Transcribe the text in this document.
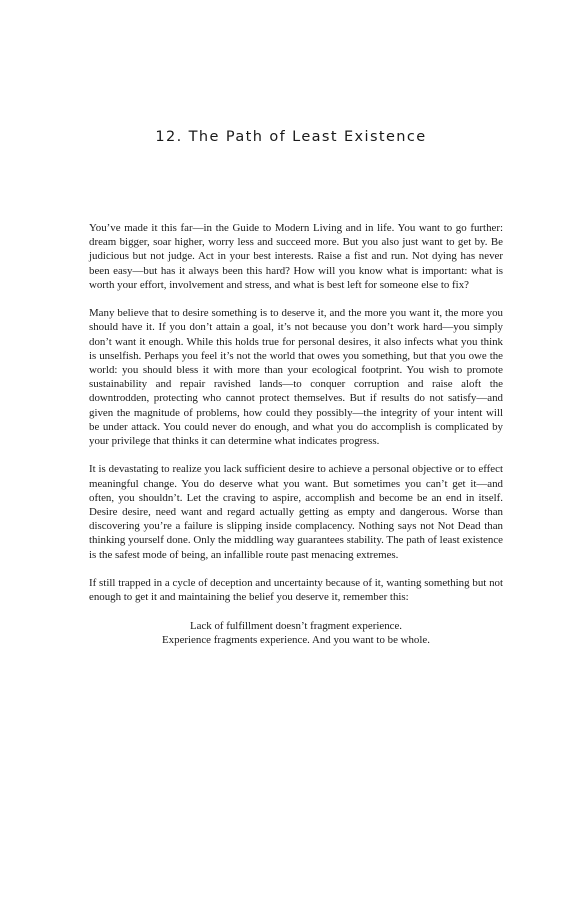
12. The Path of Least Existence

You’ve made it this far—in the Guide to Modern Living and in life. You want to go further: dream bigger, soar higher, worry less and succeed more. But you also just want to get by. Be judicious but not judge. Act in your best interests. Raise a fist and run. Not dying has never been easy—but has it always been this hard? How will you know what is important: what is worth your effort, involvement and stress, and what is best left for someone else to fix?

Many believe that to desire something is to deserve it, and the more you want it, the more you should have it. If you don’t attain a goal, it’s not because you don’t work hard—you simply don’t want it enough. While this holds true for personal desires, it also infects what you think is unselfish. Perhaps you feel it’s not the world that owes you something, but that you owe the world: you should bless it with more than your ecological footprint. You wish to promote sustainability and repair ravished lands—to conquer corruption and raise aloft the downtrodden, protecting who cannot protect themselves. But if results do not satisfy—and given the magnitude of problems, how could they possibly—the integrity of your intent will be under attack. You could never do enough, and what you do accomplish is complicated by your privilege that thinks it can determine what indicates progress.

It is devastating to realize you lack sufficient desire to achieve a personal objective or to effect meaningful change. You do deserve what you want. But sometimes you can’t get it—and often, you shouldn’t. Let the craving to aspire, accomplish and become be an end in itself. Desire desire, need want and regard actually getting as empty and dangerous. Worse than discovering you’re a failure is slipping inside complacency. Nothing says not Not Dead than thinking yourself done. Only the middling way guarantees stability. The path of least existence is the safest mode of being, an infallible route past menacing extremes.

If still trapped in a cycle of deception and uncertainty because of it, wanting something but not enough to get it and maintaining the belief you deserve it, remember this:

Lack of fulfillment doesn’t fragment experience.
Experience fragments experience. And you want to be whole.
